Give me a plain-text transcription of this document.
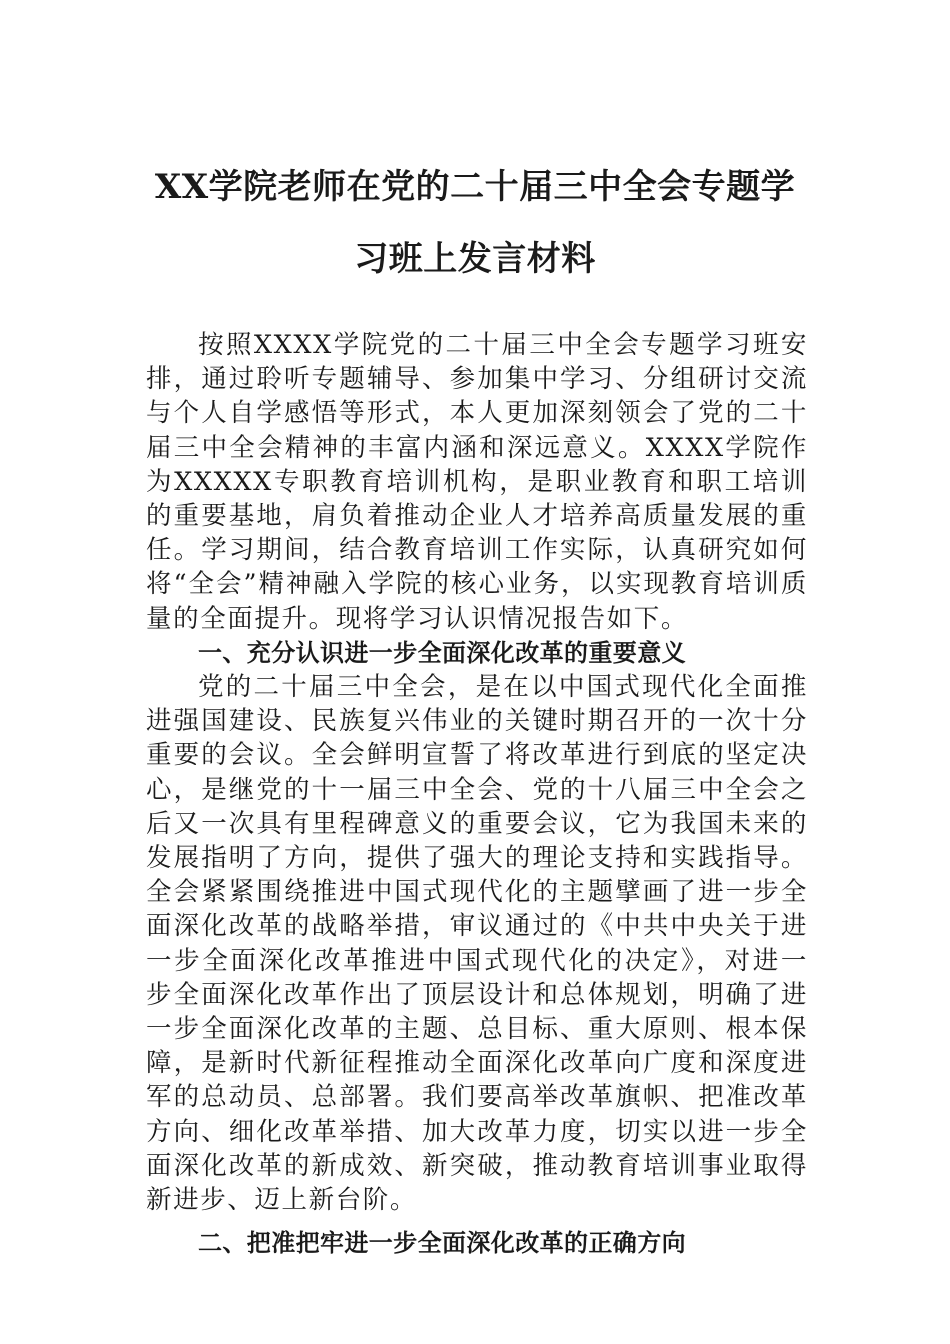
XX学院老师在党的二十届三中全会专题学
习班上发言材料

按照XXXX学院党的二十届三中全会专题学习班安排，通过聆听专题辅导、参加集中学习、分组研讨交流与个人自学感悟等形式，本人更加深刻领会了党的二十届三中全会精神的丰富内涵和深远意义。XXXX学院作为XXXXX专职教育培训机构，是职业教育和职工培训的重要基地，肩负着推动企业人才培养高质量发展的重任。学习期间，结合教育培训工作实际，认真研究如何将“全会”精神融入学院的核心业务，以实现教育培训质量的全面提升。现将学习认识情况报告如下。

一、充分认识进一步全面深化改革的重要意义

党的二十届三中全会，是在以中国式现代化全面推进强国建设、民族复兴伟业的关键时期召开的一次十分重要的会议。全会鲜明宣誓了将改革进行到底的坚定决心，是继党的十一届三中全会、党的十八届三中全会之后又一次具有里程碑意义的重要会议，它为我国未来的发展指明了方向，提供了强大的理论支持和实践指导。全会紧紧围绕推进中国式现代化的主题擘画了进一步全面深化改革的战略举措，审议通过的《中共中央关于进一步全面深化改革推进中国式现代化的决定》，对进一步全面深化改革作出了顶层设计和总体规划，明确了进一步全面深化改革的主题、总目标、重大原则、根本保障，是新时代新征程推动全面深化改革向广度和深度进军的总动员、总部署。我们要高举改革旗帜、把准改革方向、细化改革举措、加大改革力度，切实以进一步全面深化改革的新成效、新突破，推动教育培训事业取得新进步、迈上新台阶。

二、把准把牢进一步全面深化改革的正确方向
